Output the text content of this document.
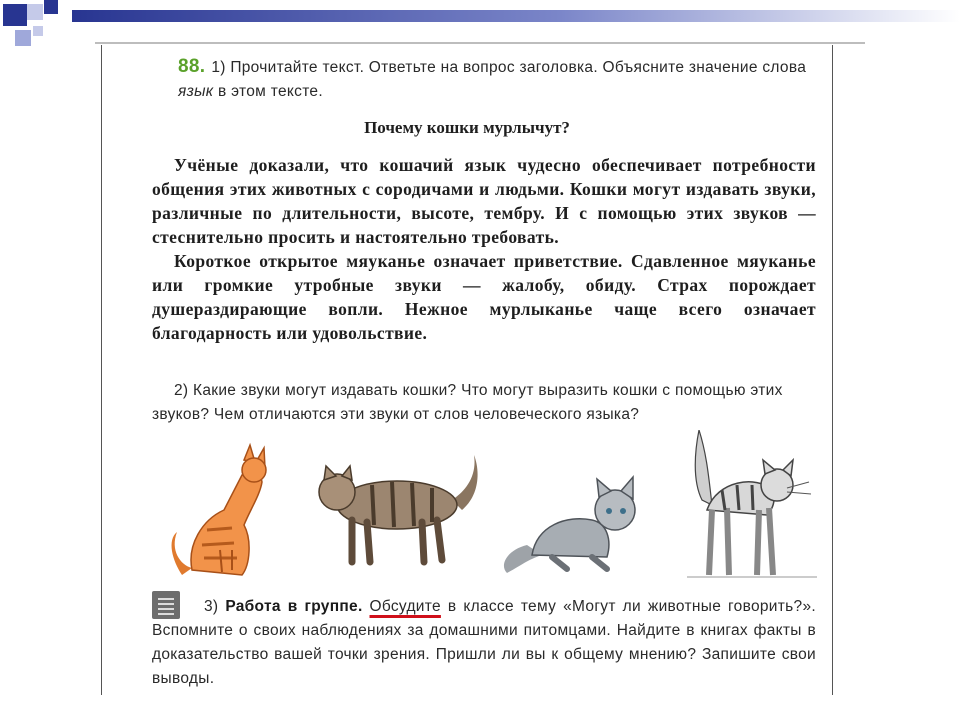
88. 1) Прочитайте текст. Ответьте на вопрос заголовка. Объясните значение слова язык в этом тексте.
Почему кошки мурлычут?

Учёные доказали, что кошачий язык чудесно обеспечивает потребности общения этих животных с сородичами и людьми. Кошки могут издавать звуки, различные по длительности, высоте, тембру. И с помощью этих звуков — стеснительно просить и настоятельно требовать.

Короткое открытое мяуканье означает приветствие. Сдавленное мяуканье или громкие утробные звуки — жалобу, обиду. Страх порождает душераздирающие вопли. Нежное мурлыканье чаще всего означает благодарность или удовольствие.

2) Какие звуки могут издавать кошки? Что могут выразить кошки с помощью этих звуков? Чем отличаются эти звуки от слов человеческого языка?
3) Работа в группе. Обсудите в классе тему «Могут ли животные говорить?». Вспомните о своих наблюдениях за домашними питомцами. Найдите в книгах факты в доказательство вашей точки зрения. Пришли ли вы к общему мнению? Запишите свои выводы.
